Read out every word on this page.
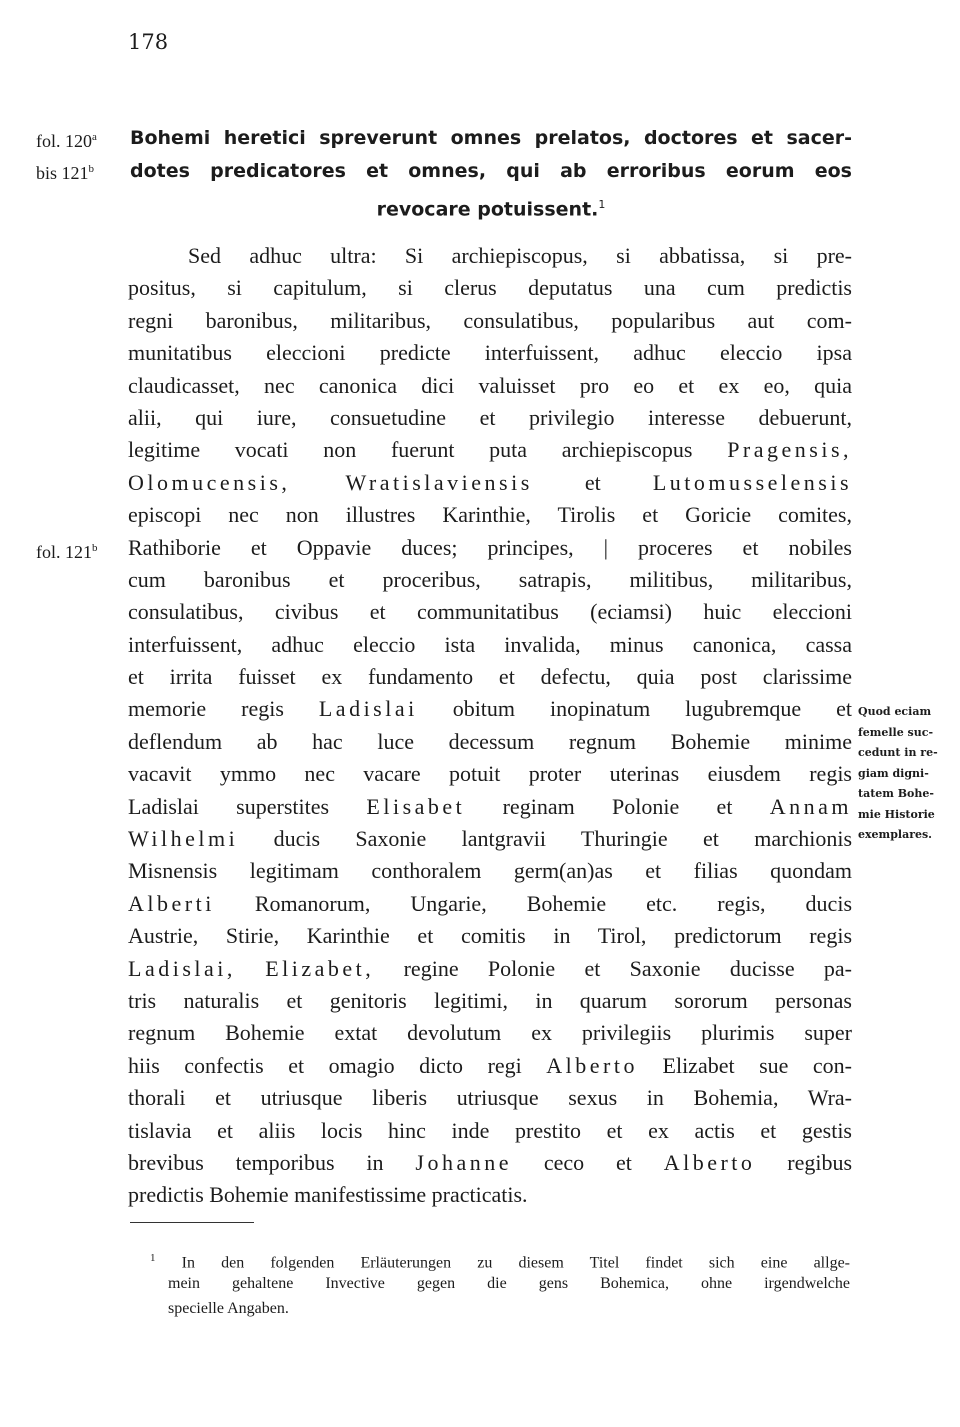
178
fol. 120$^a$
bis 121$^b$
fol. 121$^b$
Bohemi heretici spreverunt omnes prelatos, doctores et sacer-
dotes predicatores et omnes, qui ab erroribus eorum eos
revocare potuissent.$^1$
Sed adhuc ultra: Si archiepiscopus, si abbatissa, si pre-
positus, si capitulum, si clerus deputatus una cum predictis
regni baronibus, militaribus, consulatibus, popularibus aut com-
munitatibus eleccioni predicte interfuissent, adhuc eleccio ipsa
claudicasset, nec canonica dici valuisset pro eo et ex eo, quia
alii, qui iure, consuetudine et privilegio interesse debuerunt,
legitime vocati non fuerunt puta archiepiscopus Pragensis,
Olomucensis, Wratislaviensis et Lutomusselensis
episcopi nec non illustres Karinthie, Tirolis et Goricie comites,
Rathiborie et Oppavie duces; principes, | proceres et nobiles
cum baronibus et proceribus, satrapis, militibus, militaribus,
consulatibus, civibus et communitatibus (eciamsi) huic eleccioni
interfuissent, adhuc eleccio ista invalida, minus canonica, cassa
et irrita fuisset ex fundamento et defectu, quia post clarissime
memorie regis Ladislai obitum inopinatum lugubremque et
deflendum ab hac luce decessum regnum Bohemie minime
vacavit ymmo nec vacare potuit proter uterinas eiusdem regis
Ladislai superstites Elisabet reginam Polonie et Annam
Wilhelmi ducis Saxonie lantgravii Thuringie et marchionis
Misnensis legitimam conthoralem germ(an)as et filias quondam
Alberti Romanorum, Ungarie, Bohemie etc. regis, ducis
Austrie, Stirie, Karinthie et comitis in Tirol, predictorum regis
Ladislai, Elizabet, regine Polonie et Saxonie ducisse pa-
tris naturalis et genitoris legitimi, in quarum sororum personas
regnum Bohemie extat devolutum ex privilegiis plurimis super
hiis confectis et omagio dicto regi Alberto Elizabet sue con-
thorali et utriusque liberis utriusque sexus in Bohemia, Wra-
tislavia et aliis locis hinc inde prestito et ex actis et gestis
brevibus temporibus in Johanne ceco et Alberto regibus
predictis Bohemie manifestissime practicatis.
Quod eciam
femelle suc-
cedunt in re-
giam digni-
tatem Bohe-
mie Historie
exemplares.
$^1$ In den folgenden Erläuterungen zu diesem Titel findet sich eine allge-
mein gehaltene Invective gegen die gens Bohemica, ohne irgendwelche
specielle Angaben.
